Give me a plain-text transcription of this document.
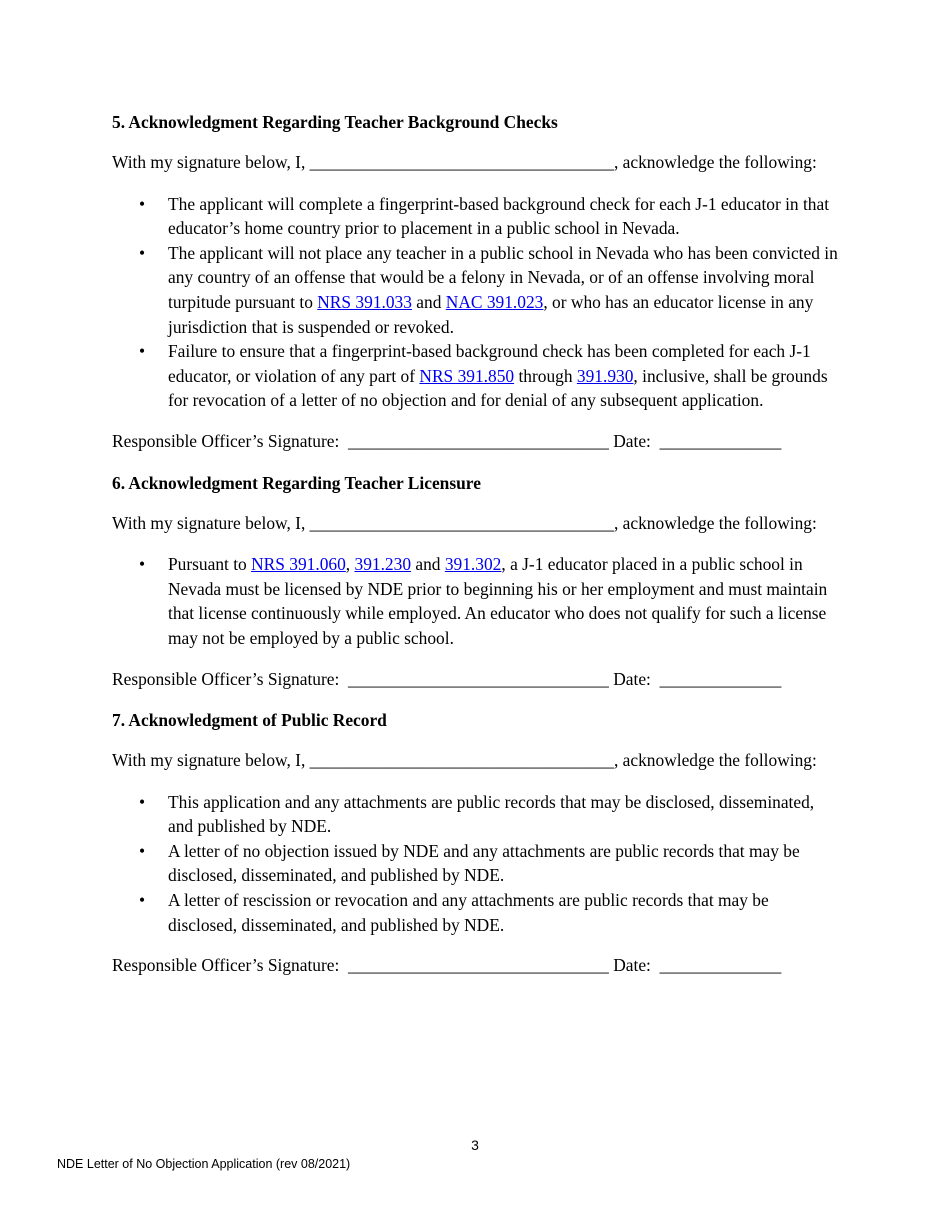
5. Acknowledgment Regarding Teacher Background Checks

With my signature below, I, ___________________________________, acknowledge the following:

• The applicant will complete a fingerprint-based background check for each J-1 educator in that educator’s home country prior to placement in a public school in Nevada.
• The applicant will not place any teacher in a public school in Nevada who has been convicted in any country of an offense that would be a felony in Nevada, or of an offense involving moral turpitude pursuant to NRS 391.033 and NAC 391.023, or who has an educator license in any jurisdiction that is suspended or revoked.
• Failure to ensure that a fingerprint-based background check has been completed for each J-1 educator, or violation of any part of NRS 391.850 through 391.930, inclusive, shall be grounds for revocation of a letter of no objection and for denial of any subsequent application.

Responsible Officer’s Signature:  ______________________________ Date:  ______________

6. Acknowledgment Regarding Teacher Licensure

With my signature below, I, ___________________________________, acknowledge the following:

• Pursuant to NRS 391.060, 391.230 and 391.302, a J-1 educator placed in a public school in Nevada must be licensed by NDE prior to beginning his or her employment and must maintain that license continuously while employed. An educator who does not qualify for such a license may not be employed by a public school.

Responsible Officer’s Signature:  ______________________________ Date:  ______________

7. Acknowledgment of Public Record

With my signature below, I, ___________________________________, acknowledge the following:

• This application and any attachments are public records that may be disclosed, disseminated, and published by NDE.
• A letter of no objection issued by NDE and any attachments are public records that may be disclosed, disseminated, and published by NDE.
• A letter of rescission or revocation and any attachments are public records that may be disclosed, disseminated, and published by NDE.

Responsible Officer’s Signature:  ______________________________ Date:  ______________

3
NDE Letter of No Objection Application (rev 08/2021)
